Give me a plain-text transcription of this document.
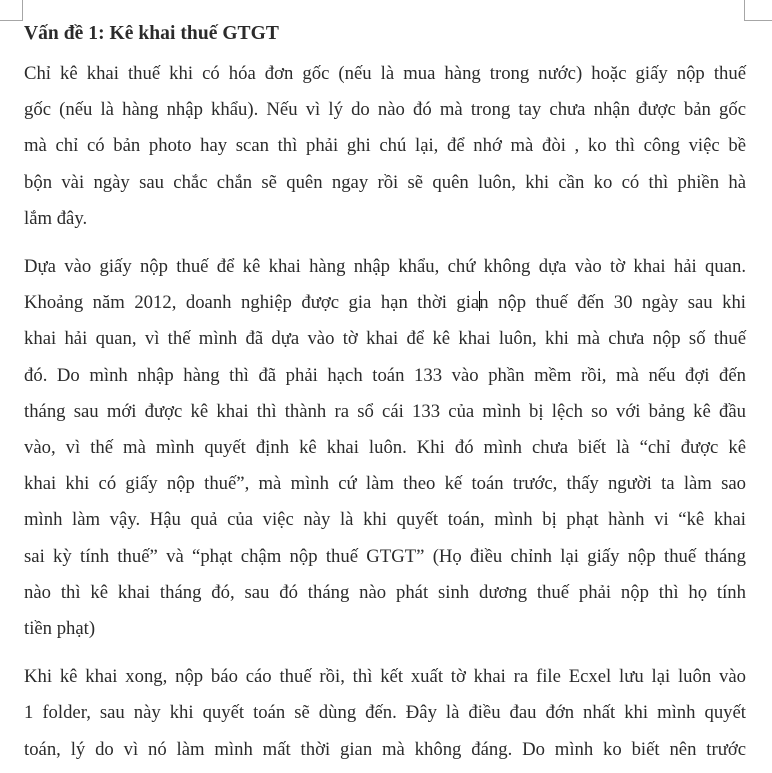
Vấn đề 1: Kê khai thuế GTGT

Chỉ kê khai thuế khi có hóa đơn gốc (nếu là mua hàng trong nước) hoặc giấy nộp thuế
gốc (nếu là hàng nhập khẩu). Nếu vì lý do nào đó mà trong tay chưa nhận được bản gốc
mà chỉ có bản photo hay scan thì phải ghi chú lại, để nhớ mà đòi , ko thì công việc bề
bộn vài ngày sau chắc chắn sẽ quên ngay rồi sẽ quên luôn, khi cần ko có thì phiền hà
lắm đây.

Dựa vào giấy nộp thuế để kê khai hàng nhập khẩu, chứ không dựa vào tờ khai hải quan.
Khoảng năm 2012, doanh nghiệp được gia hạn thời gian nộp thuế đến 30 ngày sau khi
khai hải quan, vì thế mình đã dựa vào tờ khai để kê khai luôn, khi mà chưa nộp số thuế
đó. Do mình nhập hàng thì đã phải hạch toán 133 vào phần mềm rồi, mà nếu đợi đến
tháng sau mới được kê khai thì thành ra sổ cái 133 của mình bị lệch so với bảng kê đầu
vào, vì thế mà mình quyết định kê khai luôn. Khi đó mình chưa biết là “chỉ được kê
khai khi có giấy nộp thuế”, mà mình cứ làm theo kế toán trước, thấy người ta làm sao
mình làm vậy. Hậu quả của việc này là khi quyết toán, mình bị phạt hành vi “kê khai
sai kỳ tính thuế” và “phạt chậm nộp thuế GTGT” (Họ điều chỉnh lại giấy nộp thuế tháng
nào thì kê khai tháng đó, sau đó tháng nào phát sinh dương thuế phải nộp thì họ tính
tiền phạt)

Khi kê khai xong, nộp báo cáo thuế rồi, thì kết xuất tờ khai ra file Ecxel lưu lại luôn vào
1 folder, sau này khi quyết toán sẽ dùng đến. Đây là điều đau đớn nhất khi mình quyết
toán, lý do vì nó làm mình mất thời gian mà không đáng. Do mình ko biết nên trước
